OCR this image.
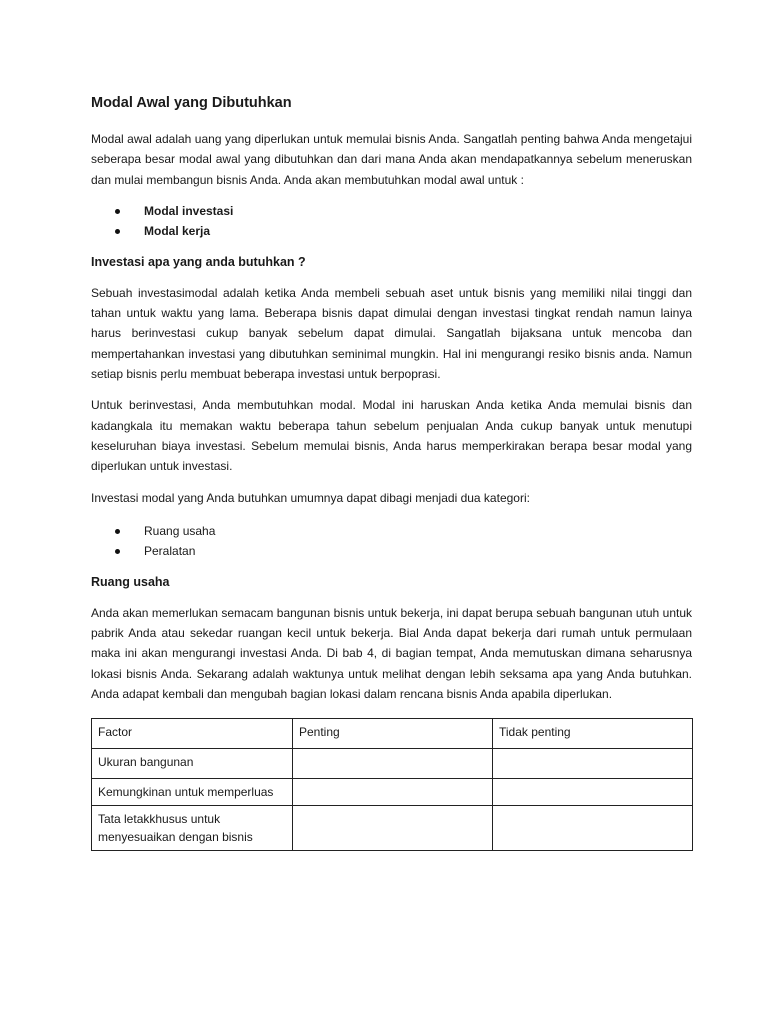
Modal Awal yang Dibutuhkan

Modal awal adalah uang yang diperlukan untuk memulai bisnis Anda. Sangatlah penting bahwa Anda mengetajui seberapa besar modal awal yang dibutuhkan dan dari mana Anda akan mendapatkannya sebelum meneruskan dan mulai membangun bisnis Anda. Anda akan membutuhkan modal awal untuk :

Modal investasi
Modal kerja
Investasi apa yang anda butuhkan ?

Sebuah investasimodal adalah ketika Anda membeli sebuah aset untuk bisnis yang memiliki nilai tinggi dan tahan untuk waktu yang lama. Beberapa bisnis dapat dimulai dengan investasi tingkat rendah namun lainya harus berinvestasi cukup banyak sebelum dapat dimulai. Sangatlah bijaksana untuk mencoba dan mempertahankan investasi yang dibutuhkan seminimal mungkin. Hal ini mengurangi resiko bisnis anda. Namun setiap bisnis perlu membuat beberapa investasi untuk berpoprasi.

Untuk berinvestasi, Anda membutuhkan modal. Modal ini haruskan Anda ketika Anda memulai bisnis dan kadangkala itu memakan waktu beberapa tahun sebelum penjualan Anda cukup banyak untuk menutupi keseluruhan biaya investasi. Sebelum memulai bisnis, Anda harus memperkirakan berapa besar modal yang diperlukan untuk investasi.

Investasi modal yang Anda butuhkan umumnya dapat dibagi menjadi dua kategori:

Ruang usaha
Peralatan
Ruang usaha

Anda akan memerlukan semacam bangunan bisnis untuk bekerja, ini dapat berupa sebuah bangunan utuh untuk pabrik Anda atau sekedar ruangan kecil untuk bekerja. Bial Anda dapat bekerja dari rumah untuk permulaan maka ini akan mengurangi investasi Anda. Di bab 4, di bagian tempat, Anda memutuskan dimana seharusnya lokasi bisnis Anda. Sekarang adalah waktunya untuk melihat dengan lebih seksama apa yang Anda butuhkan. Anda adapat kembali dan mengubah bagian lokasi dalam rencana bisnis Anda apabila diperlukan.

Factor	Penting	Tidak penting
Ukuran bangunan		
Kemungkinan untuk memperluas		
Tata letakkhusus untuk menyesuaikan dengan bisnis		
